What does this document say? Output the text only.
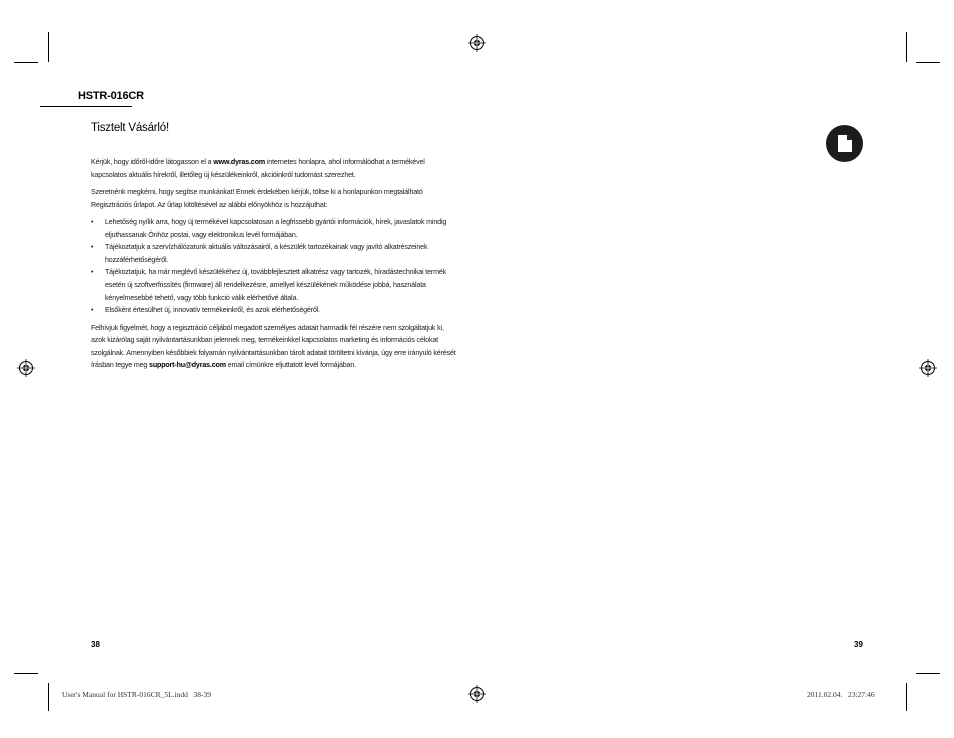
HSTR-016CR
Tisztelt Vásárló!

Kérjük, hogy időről-időre látogasson el a www.dyras.com internetes honlapra, ahol informálódhat a termékével kapcsolatos aktuális hírekről, illetőleg új készülékeinkről, akcióinkról tudomást szerezhet.

Szeretnénk megkérni, hogy segítse munkánkat! Ennek érdekében kérjük, töltse ki a honlapunkon megtalálható Regisztrációs űrlapot. Az űrlap kitöltésével az alábbi előnyökhöz is hozzájuthat:

• Lehetőség nyílik arra, hogy új termékével kapcsolatosan a legfrissebb gyártói információk, hírek, javaslatok mindig eljuthassanak Önhöz postai, vagy elektronikus levél formájában.
• Tájékoztatjuk a szervízhálózatunk aktuális változásairól, a készülék tartozékainak vagy javító alkatrészeinek hozzáférhetőségéről.
• Tájékoztatjuk, ha már meglévő készülékéhez új, továbbfejlesztett alkatrész vagy tartozék, híradástechnikai termék esetén új szoftverfrissítés (firmware) áll rendelkezésre, amellyel készülékének működése jobbá, használata kényelmesebbé tehető, vagy több funkció válik elérhetővé általa.
• Elsőként értesülhet új, innovatív termékeinkről, és azok elérhetőségéről.

Felhívjuk figyelmét, hogy a regisztráció céljából megadott személyes adatait harmadik fél részére nem szolgáltatjuk ki, azok kizárólag saját nyilvántartásunkban jelennek meg, termékeinkkel kapcsolatos marketing és információs célokat szolgálnak. Amennyiben későbbiek folyamán nyilvántartásunkban tárolt adatait töröltetni kívánja, úgy erre irányuló kérését írásban tegye meg support-hu@dyras.com email címünkre eljuttatott levél formájában.

38	39
User's Manual for HSTR-016CR_5L.indd   38-39	2011.02.04.   23:27:46
